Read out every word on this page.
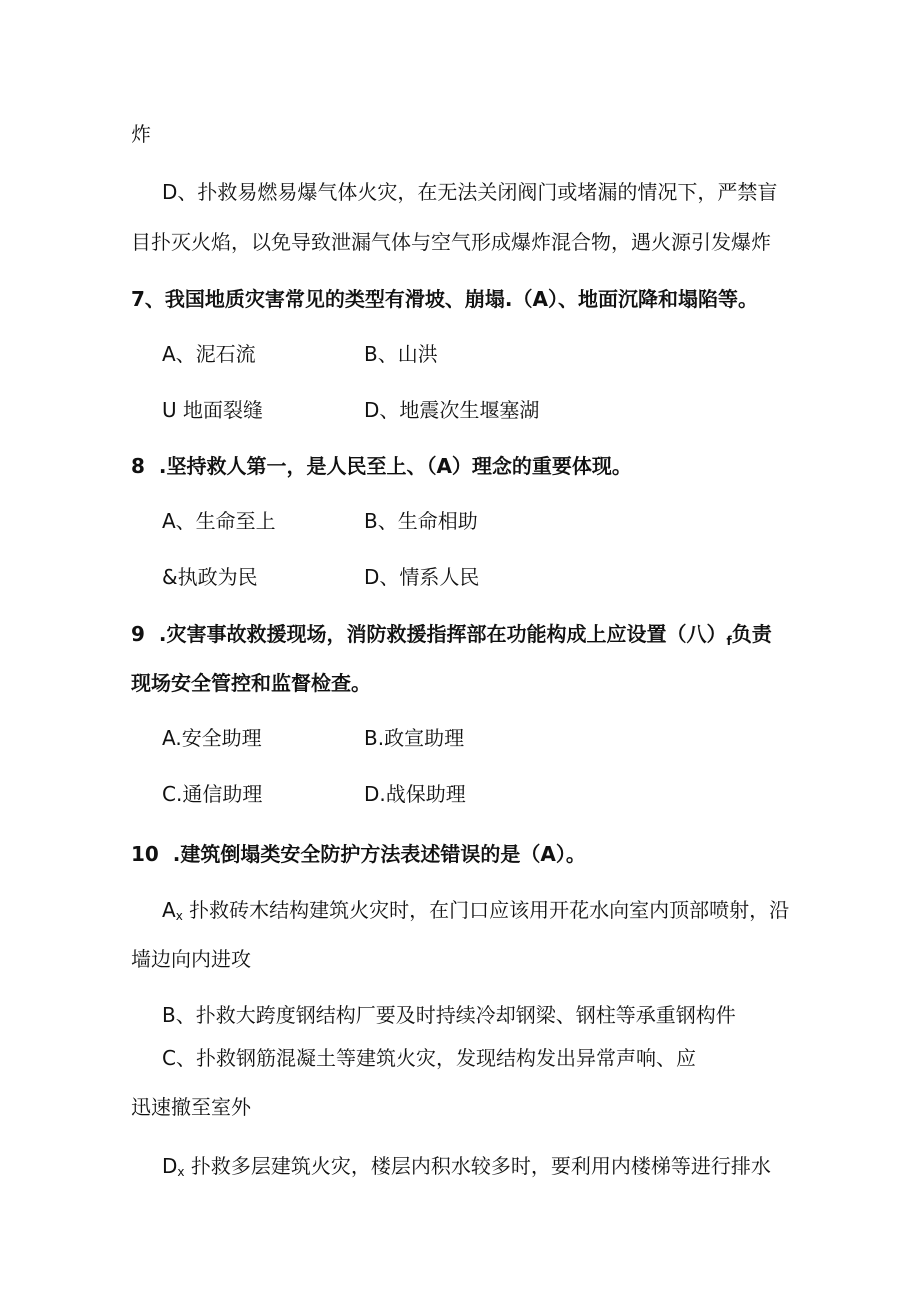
炸
D、扑救易燃易爆气体火灾，在无法关闭阀门或堵漏的情况下，严禁盲
目扑灭火焰，以免导致泄漏气体与空气形成爆炸混合物，遇火源引发爆炸
7、我国地质灾害常见的类型有滑坡、崩塌.（A）、地面沉降和塌陷等。
A、泥石流	B、山洪
U 地面裂缝	D、地震次生堰塞湖
8 .坚持救人第一，是人民至上、（A）理念的重要体现。
A、生命至上	B、生命相助
&执政为民	D、情系人民
9 .灾害事故救援现场，消防救援指挥部在功能构成上应设置（八）$_f$负责
现场安全管控和监督检查。
A.安全助理	B.政宣助理
C.通信助理	D.战保助理
10 .建筑倒塌类安全防护方法表述错误的是（A）。
$A_x$ 扑救砖木结构建筑火灾时，在门口应该用开花水向室内顶部喷射，沿
墙边向内进攻
B、扑救大跨度钢结构厂要及时持续冷却钢梁、钢柱等承重钢构件
C、扑救钢筋混凝土等建筑火灾，发现结构发出异常声响、应
迅速撤至室外
$D_x$ 扑救多层建筑火灾，楼层内积水较多时，要利用内楼梯等进行排水
